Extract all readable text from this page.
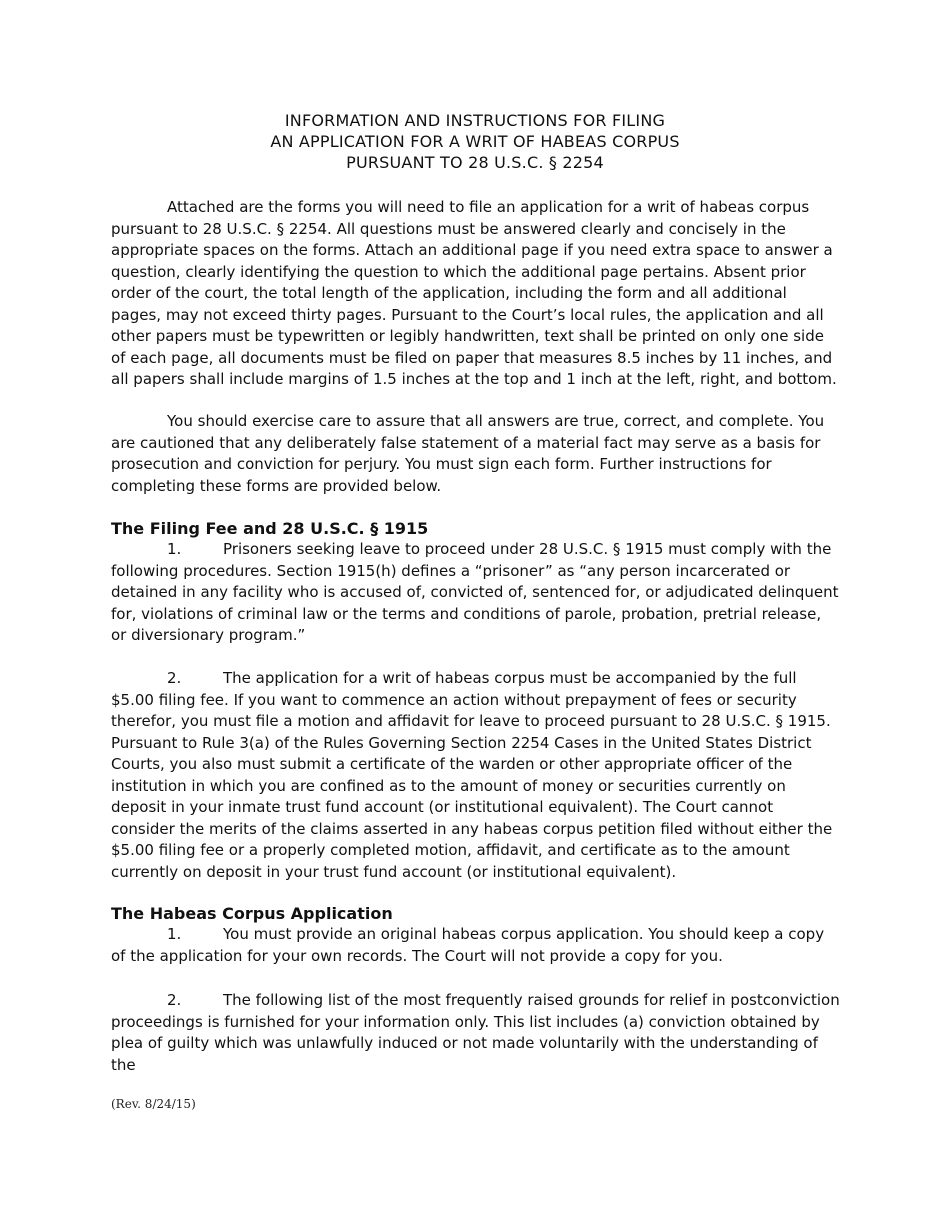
INFORMATION AND INSTRUCTIONS FOR FILING
AN APPLICATION FOR A WRIT OF HABEAS CORPUS
PURSUANT TO 28 U.S.C. § 2254

Attached are the forms you will need to file an application for a writ of habeas corpus pursuant to 28 U.S.C. § 2254. All questions must be answered clearly and concisely in the appropriate spaces on the forms. Attach an additional page if you need extra space to answer a question, clearly identifying the question to which the additional page pertains. Absent prior order of the court, the total length of the application, including the form and all additional pages, may not exceed thirty pages. Pursuant to the Court’s local rules, the application and all other papers must be typewritten or legibly handwritten, text shall be printed on only one side of each page, all documents must be filed on paper that measures 8.5 inches by 11 inches, and all papers shall include margins of 1.5 inches at the top and 1 inch at the left, right, and bottom.

You should exercise care to assure that all answers are true, correct, and complete. You are cautioned that any deliberately false statement of a material fact may serve as a basis for prosecution and conviction for perjury. You must sign each form. Further instructions for completing these forms are provided below.

The Filing Fee and 28 U.S.C. § 1915

1.	Prisoners seeking leave to proceed under 28 U.S.C. § 1915 must comply with the following procedures. Section 1915(h) defines a “prisoner” as “any person incarcerated or detained in any facility who is accused of, convicted of, sentenced for, or adjudicated delinquent for, violations of criminal law or the terms and conditions of parole, probation, pretrial release, or diversionary program.”

2.	The application for a writ of habeas corpus must be accompanied by the full $5.00 filing fee. If you want to commence an action without prepayment of fees or security therefor, you must file a motion and affidavit for leave to proceed pursuant to 28 U.S.C. § 1915. Pursuant to Rule 3(a) of the Rules Governing Section 2254 Cases in the United States District Courts, you also must submit a certificate of the warden or other appropriate officer of the institution in which you are confined as to the amount of money or securities currently on deposit in your inmate trust fund account (or institutional equivalent). The Court cannot consider the merits of the claims asserted in any habeas corpus petition filed without either the $5.00 filing fee or a properly completed motion, affidavit, and certificate as to the amount currently on deposit in your trust fund account (or institutional equivalent).

The Habeas Corpus Application

1.	You must provide an original habeas corpus application. You should keep a copy of the application for your own records. The Court will not provide a copy for you.

2.	The following list of the most frequently raised grounds for relief in postconviction proceedings is furnished for your information only. This list includes (a) conviction obtained by plea of guilty which was unlawfully induced or not made voluntarily with the understanding of the

(Rev. 8/24/15)
